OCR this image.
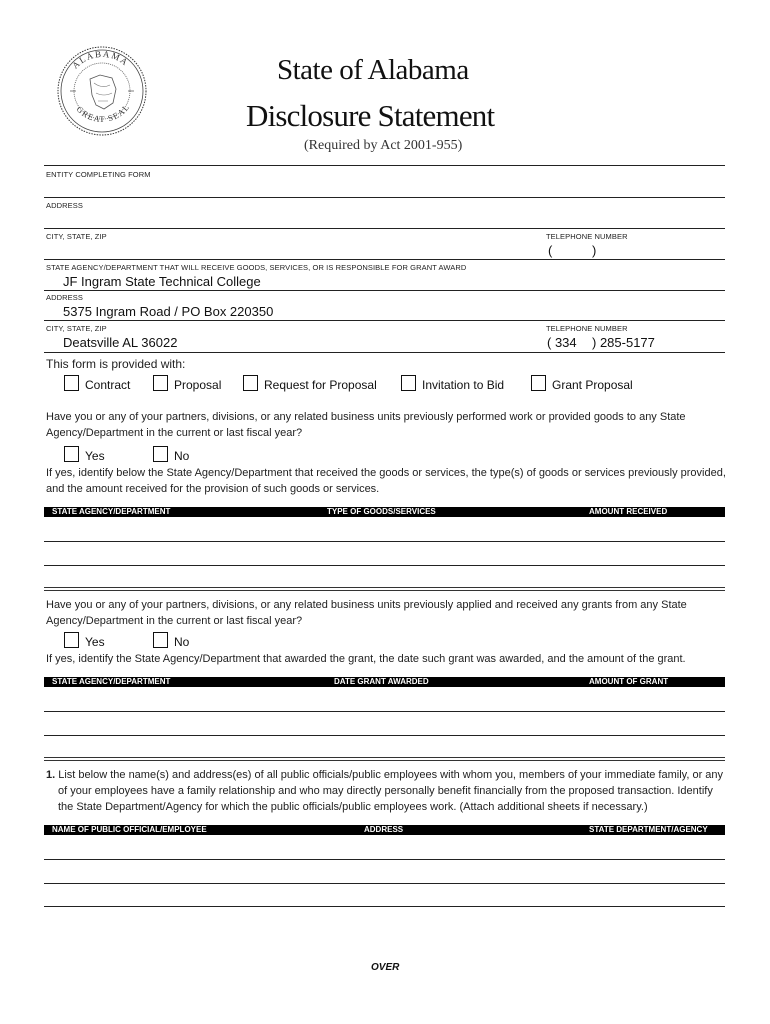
ALABAMA
GREAT SEAL
State of Alabama
Disclosure Statement
(Required by Act 2001-955)
ENTITY COMPLETING FORM
ADDRESS
CITY, STATE, ZIP	TELEPHONE NUMBER
(	)
STATE AGENCY/DEPARTMENT THAT WILL RECEIVE GOODS, SERVICES, OR IS RESPONSIBLE FOR GRANT AWARD
JF Ingram State Technical College
ADDRESS
5375 Ingram Road / PO Box 220350
CITY, STATE, ZIP	TELEPHONE NUMBER
Deatsville AL 36022	( 334 ) 285-5177
This form is provided with:
Contract	Proposal	Request for Proposal	Invitation to Bid	Grant Proposal
Have you or any of your partners, divisions, or any related business units previously performed work or provided goods to any State Agency/Department in the current or last fiscal year?
Yes	No
If yes, identify below the State Agency/Department that received the goods or services, the type(s) of goods or services previously provided, and the amount received for the provision of such goods or services.
STATE AGENCY/DEPARTMENT	TYPE OF GOODS/SERVICES	AMOUNT RECEIVED
Have you or any of your partners, divisions, or any related business units previously applied and received any grants from any State Agency/Department in the current or last fiscal year?
Yes	No
If yes, identify the State Agency/Department that awarded the grant, the date such grant was awarded, and the amount of the grant.
STATE AGENCY/DEPARTMENT	DATE GRANT AWARDED	AMOUNT OF GRANT
1. List below the name(s) and address(es) of all public officials/public employees with whom you, members of your immediate family, or any of your employees have a family relationship and who may directly personally benefit financially from the proposed transaction. Identify the State Department/Agency for which the public officials/public employees work. (Attach additional sheets if necessary.)
NAME OF PUBLIC OFFICIAL/EMPLOYEE	ADDRESS	STATE DEPARTMENT/AGENCY
OVER
